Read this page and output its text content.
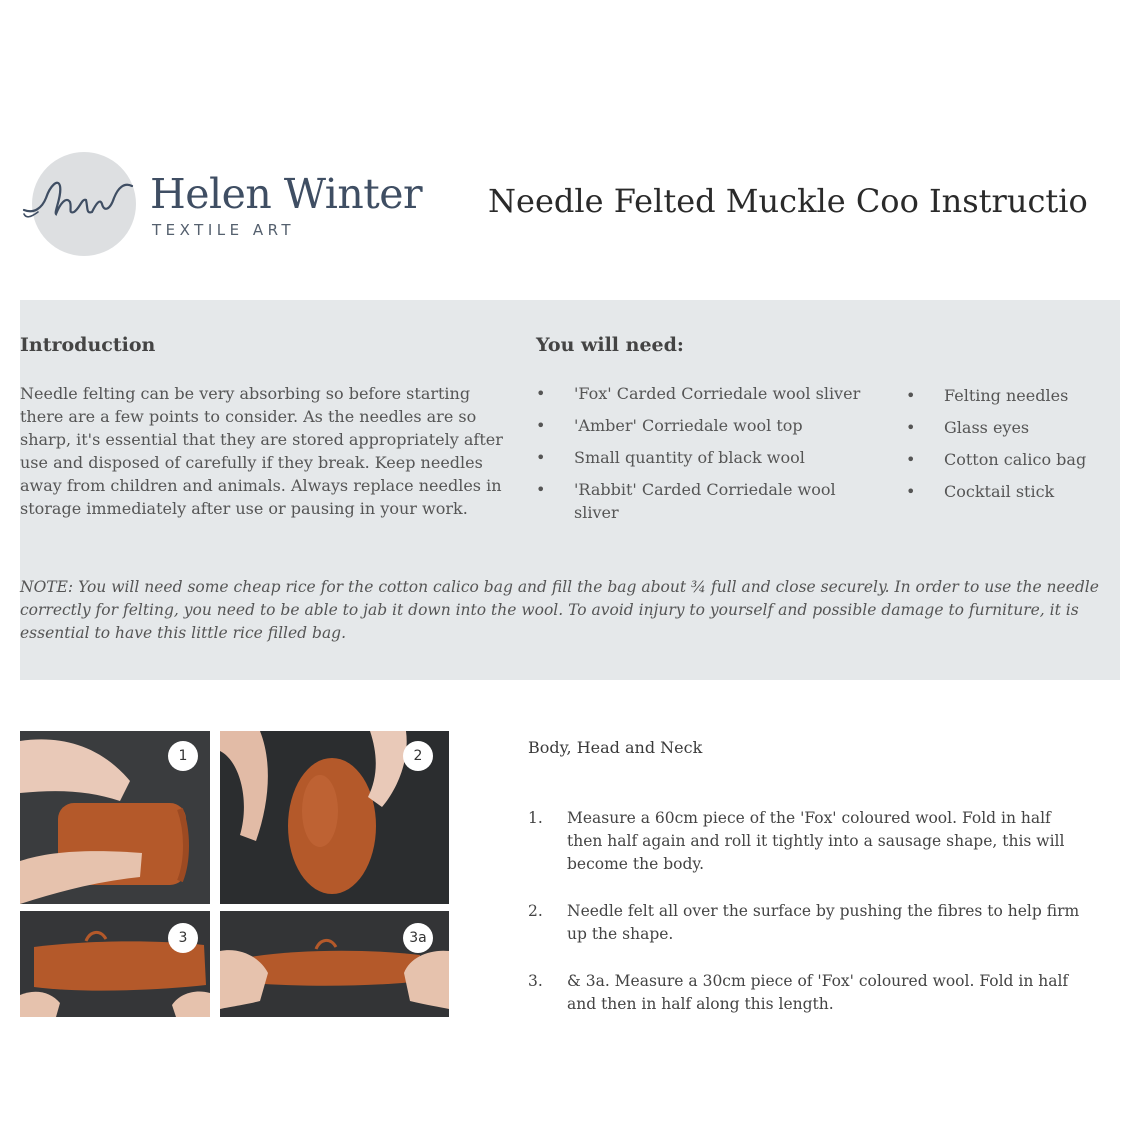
Helen Winter
TEXTILE ART
Needle Felted Muckle Coo Instructio
Introduction

Needle felting can be very absorbing so before starting there are a few points to consider. As the needles are so sharp, it's essential that they are stored appropriately after use and disposed of carefully if they break. Keep needles away from children and animals. Always replace needles in storage immediately after use or pausing in your work.

You will need:
• 'Fox' Carded Corriedale wool sliver
• 'Amber' Corriedale wool top
• Small quantity of black wool
• 'Rabbit' Carded Corriedale wool sliver
• Felting needles
• Glass eyes
• Cotton calico bag
• Cocktail stick

NOTE: You will need some cheap rice for the cotton calico bag and fill the bag about ¾ full and close securely. In order to use the needle correctly for felting, you need to be able to jab it down into the wool. To avoid injury to yourself and possible damage to furniture, it is essential to have this little rice filled bag.

1	2
3	3a
Body, Head and Neck
1. Measure a 60cm piece of the 'Fox' coloured wool. Fold in half then half again and roll it tightly into a sausage shape, this will become the body.
2. Needle felt all over the surface by pushing the fibres to help firm up the shape.
3. & 3a. Measure a 30cm piece of 'Fox' coloured wool. Fold in half and then in half along this length.
